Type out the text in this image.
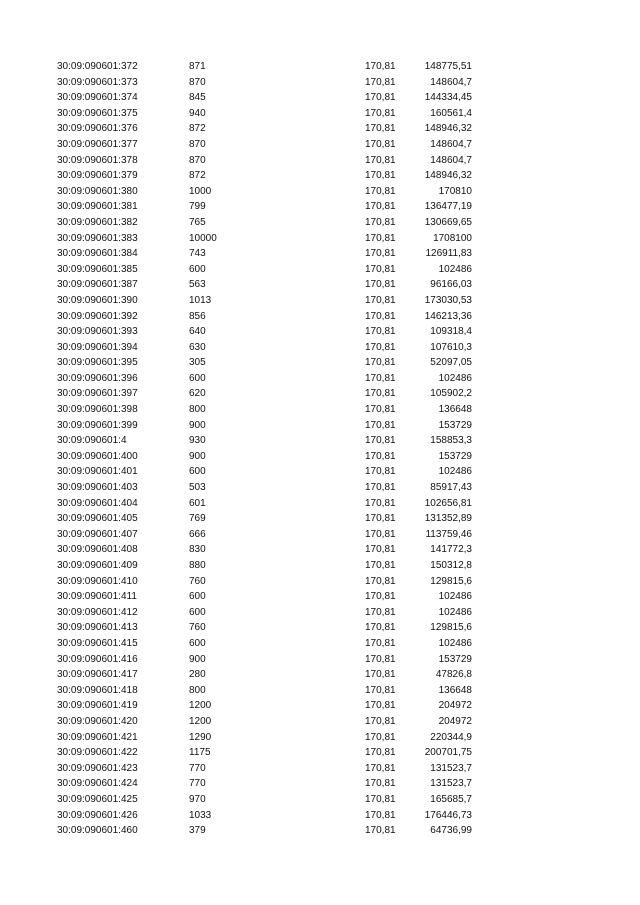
30:09:090601:372	871	170,81	148775,51
30:09:090601:373	870	170,81	148604,7
30:09:090601:374	845	170,81	144334,45
30:09:090601:375	940	170,81	160561,4
30:09:090601:376	872	170,81	148946,32
30:09:090601:377	870	170,81	148604,7
30:09:090601:378	870	170,81	148604,7
30:09:090601:379	872	170,81	148946,32
30:09:090601:380	1000	170,81	170810
30:09:090601:381	799	170,81	136477,19
30:09:090601:382	765	170,81	130669,65
30:09:090601:383	10000	170,81	1708100
30:09:090601:384	743	170,81	126911,83
30:09:090601:385	600	170,81	102486
30:09:090601:387	563	170,81	96166,03
30:09:090601:390	1013	170,81	173030,53
30:09:090601:392	856	170,81	146213,36
30:09:090601:393	640	170,81	109318,4
30:09:090601:394	630	170,81	107610,3
30:09:090601:395	305	170,81	52097,05
30:09:090601:396	600	170,81	102486
30:09:090601:397	620	170,81	105902,2
30:09:090601:398	800	170,81	136648
30:09:090601:399	900	170,81	153729
30:09:090601:4	930	170,81	158853,3
30:09:090601:400	900	170,81	153729
30:09:090601:401	600	170,81	102486
30:09:090601:403	503	170,81	85917,43
30:09:090601:404	601	170,81	102656,81
30:09:090601:405	769	170,81	131352,89
30:09:090601:407	666	170,81	113759,46
30:09:090601:408	830	170,81	141772,3
30:09:090601:409	880	170,81	150312,8
30:09:090601:410	760	170,81	129815,6
30:09:090601:411	600	170,81	102486
30:09:090601:412	600	170,81	102486
30:09:090601:413	760	170,81	129815,6
30:09:090601:415	600	170,81	102486
30:09:090601:416	900	170,81	153729
30:09:090601:417	280	170,81	47826,8
30:09:090601:418	800	170,81	136648
30:09:090601:419	1200	170,81	204972
30:09:090601:420	1200	170,81	204972
30:09:090601:421	1290	170,81	220344,9
30:09:090601:422	1175	170,81	200701,75
30:09:090601:423	770	170,81	131523,7
30:09:090601:424	770	170,81	131523,7
30:09:090601:425	970	170,81	165685,7
30:09:090601:426	1033	170,81	176446,73
30:09:090601:460	379	170,81	64736,99
